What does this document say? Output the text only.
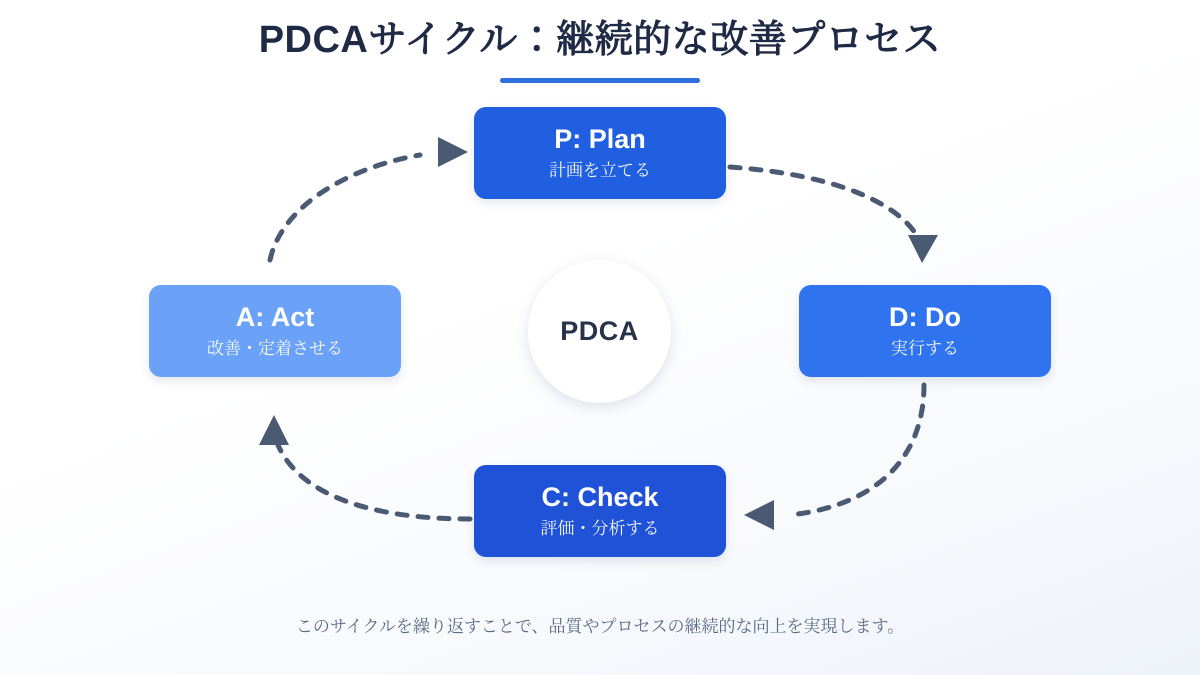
PDCAサイクル：継続的な改善プロセス
P: Plan
計画を立てる
D: Do
実行する
C: Check
評価・分析する
A: Act
改善・定着させる
PDCA
このサイクルを繰り返すことで、品質やプロセスの継続的な向上を実現します。
